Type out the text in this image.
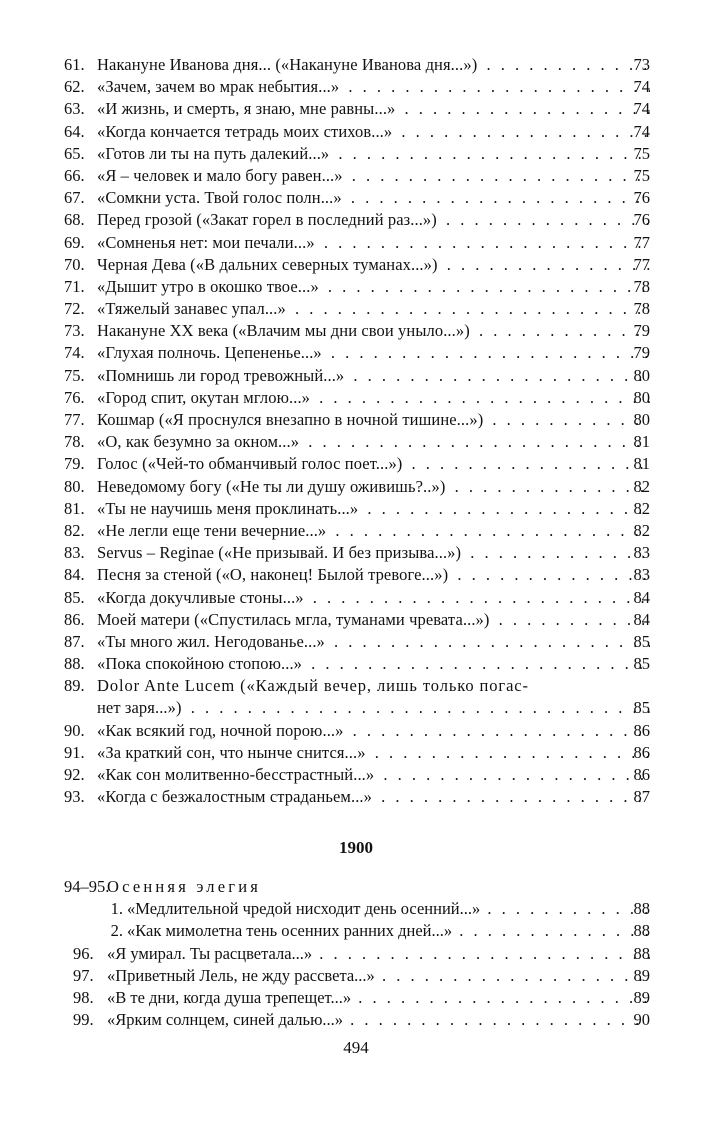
61. Накануне Иванова дня... («Накануне Иванова дня...») . . .	73
62. «Зачем, зачем во мрак небытия...» . . .	74
63. «И жизнь, и смерть, я знаю, мне равны...» . . .	74
64. «Когда кончается тетрадь моих стихов...» . . .	74
65. «Готов ли ты на путь далекий...» . . .	75
66. «Я – человек и мало богу равен...» . . .	75
67. «Сомкни уста. Твой голос полн...» . . .	76
68. Перед грозой («Закат горел в последний раз...») . . .	76
69. «Сомненья нет: мои печали...» . . .	77
70. Черная Дева («В дальних северных туманах...») . . .	77
71. «Дышит утро в окошко твое...» . . .	78
72. «Тяжелый занавес упал...» . . .	78
73. Накануне XX века («Влачим мы дни свои уныло...») . . .	79
74. «Глухая полночь. Цепененье...» . . .	79
75. «Помнишь ли город тревожный...» . . .	80
76. «Город спит, окутан мглою...» . . .	80
77. Кошмар («Я проснулся внезапно в ночной тишине...») . . .	80
78. «О, как безумно за окном...» . . .	81
79. Голос («Чей-то обманчивый голос поет...») . . .	81
80. Неведомому богу («Не ты ли душу оживишь?..») . . .	82
81. «Ты не научишь меня проклинать...» . . .	82
82. «Не легли еще тени вечерние...» . . .	82
83. Servus – Reginae («Не призывай. И без призыва...») . . .	83
84. Песня за стеной («О, наконец! Былой тревоге...») . . .	83
85. «Когда докучливые стоны...» . . .	84
86. Моей матери («Спустилась мгла, туманами чревата...») . . .	84
87. «Ты много жил. Негодованье...» . . .	85
88. «Пока спокойною стопою...» . . .	85
89. Dolor Ante Lucem («Каждый вечер, лишь только погас-
нет заря...») . . .	85
90. «Как всякий год, ночной порою...» . . .	86
91. «За краткий сон, что нынче снится...» . . .	86
92. «Как сон молитвенно-бесстрастный...» . . .	86
93. «Когда с безжалостным страданьем...» . . .	87
1900
94–95.
Осенняя элегия
1. «Медлительной чредой нисходит день осенний...» . . .	88
2. «Как мимолетна тень осенних ранних дней...» . . .	88
96. «Я умирал. Ты расцветала...» . . .	88
97. «Приветный Лель, не жду рассвета...» . . .	89
98. «В те дни, когда душа трепещет...» . . .	89
99. «Ярким солнцем, синей далью...» . . .	90
494
